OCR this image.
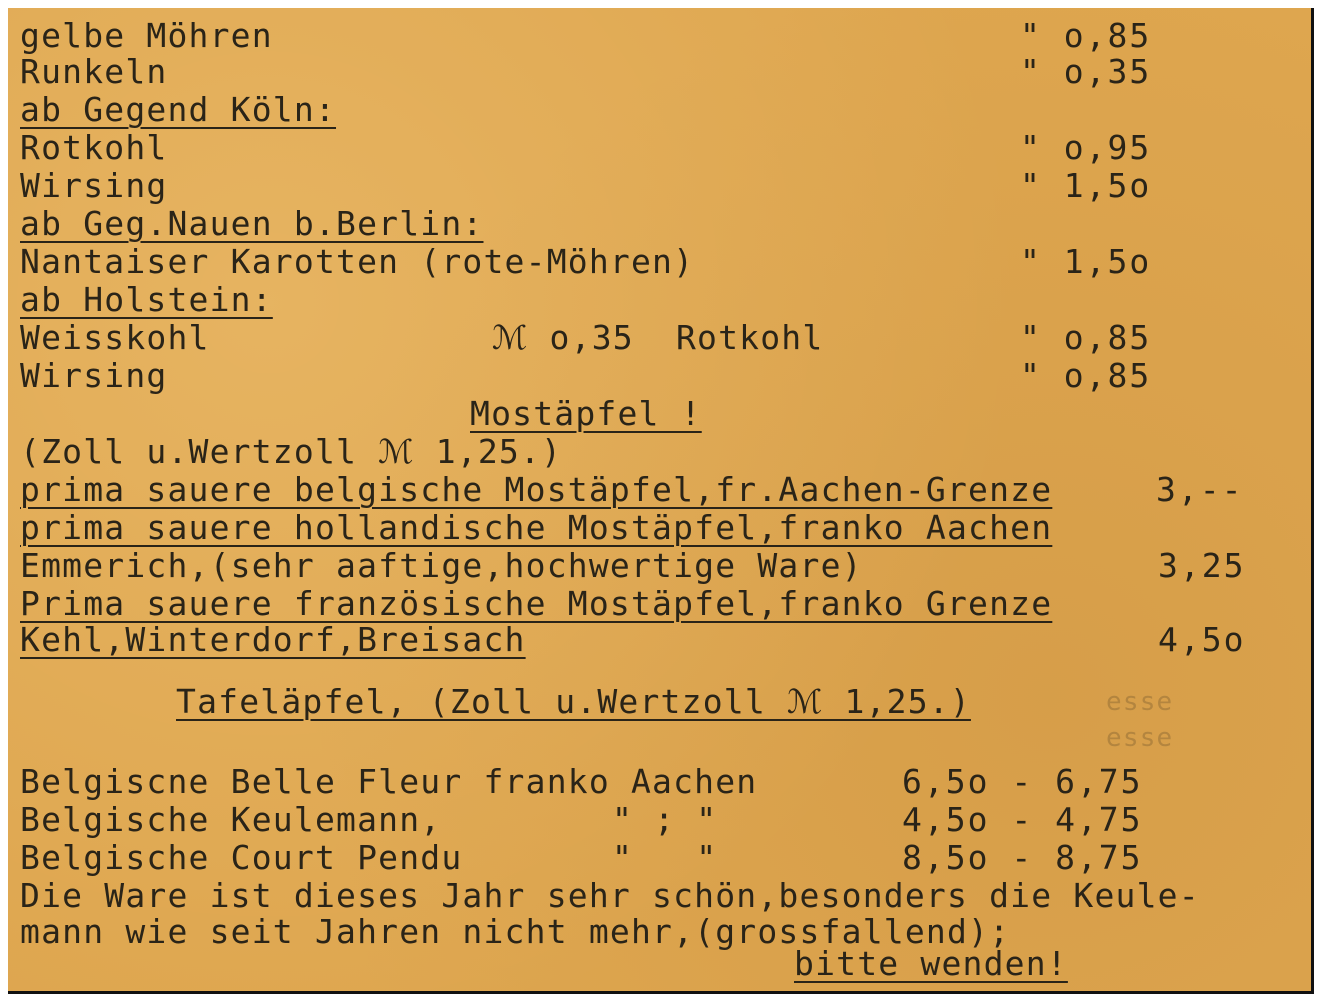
esse
esse
gelbe Möhren	" o,85
Runkeln	" o,35
ab Gegend Köln:
Rotkohl	" o,95
Wirsing	" 1,5o
ab Geg.Nauen b.Berlin:
Nantaiser Karotten (rote-Möhren)	" 1,5o
ab Holstein:
Weisskohl	ℳ o,35  Rotkohl	" o,85
Wirsing	" o,85
Mostäpfel !
(Zoll u.Wertzoll ℳ 1,25.)
prima sauere belgische Mostäpfel,fr.Aachen-Grenze	3,--
prima sauere hollandische Mostäpfel,franko Aachen
Emmerich,(sehr aaftige,hochwertige Ware)	3,25
Prima sauere französische Mostäpfel,franko Grenze
Kehl,Winterdorf,Breisach	4,5o
Tafeläpfel, (Zoll u.Wertzoll ℳ 1,25.)
Belgiscne Belle Fleur franko Aachen	6,5o - 6,75
Belgische Keulemann,	" ; "	4,5o - 4,75
Belgische Court Pendu	"   "	8,5o - 8,75
Die Ware ist dieses Jahr sehr schön,besonders die Keule-
mann wie seit Jahren nicht mehr,(grossfallend);
bitte wenden!
